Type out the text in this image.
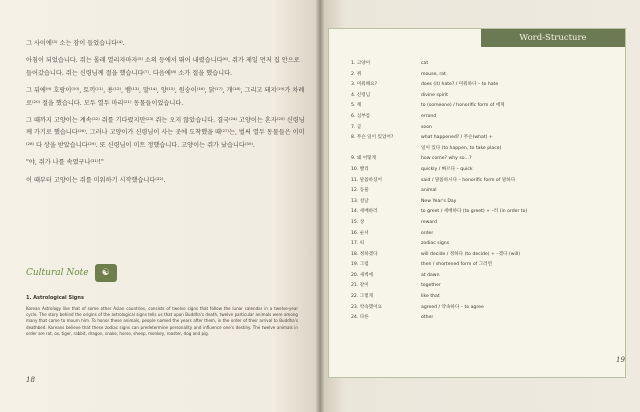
그 사이에⁽³⁾ 소는 잠이 들었습니다⁽⁴⁾.

아침이 되었습니다. 쥐는 몰래 열리자마자⁽⁵⁾ 소의 등에서 뛰어 내렸습니다⁽⁶⁾. 쥐가 제일 먼저 집 안으로 들어갔습니다. 쥐는 신령님께 절을 했습니다⁽⁷⁾. 다음에⁽⁸⁾ 소가 절을 했습니다.

그 뒤에⁽⁹⁾ 호랑이⁽¹⁰⁾, 토끼⁽¹¹⁾, 용⁽¹²⁾, 뱀⁽¹³⁾, 말⁽¹⁴⁾, 양⁽¹⁵⁾, 원숭이⁽¹⁶⁾, 닭⁽¹⁷⁾, 개⁽¹⁸⁾, 그리고 돼지⁽¹⁹⁾가 차례로⁽²⁰⁾ 절을 했습니다. 모두 열두 마리⁽²¹⁾ 동물들이었습니다.

그 때까지 고양이는 계속⁽²²⁾ 쥐를 기다렸지만⁽²³⁾ 쥐는 오지 않았습니다. 결국⁽²⁴⁾ 고양이는 혼자⁽²⁵⁾ 신령님께 가기로 했습니다⁽²⁶⁾. 그러나 고양이가 신령님이 사는 곳에 도착했을 때⁽²⁷⁾는, 벌써 열두 동물들은 이미⁽²⁸⁾ 다 상을 받았습니다⁽²⁹⁾. 또 신령님이 미트 정했습니다. 고양이는 쥐가 났습니다⁽³⁰⁾.

"야, 쥐가 나를 속였구나⁽³¹⁾!"

이 때부터 고양이는 쥐를 미워하기 시작했습니다⁽³²⁾.

Cultural Note	☯
1. Astrological Signs
Korean Astrology like that of some other Asian countries, consists of twelve signs that follow the lunar calendar in a twelve-year cycle. The story behind the origins of the astrological signs tells us that upon Buddha's death, twelve particular animals were among many that came to mourn him. To honor these animals, people named the years after them, in the order of their arrival to Buddha's deathbed. Koreans believe that these zodiac signs can predetermine personality and influence one's destiny. The twelve animals in order are rat, ox, tiger, rabbit, dragon, snake, horse, sheep, monkey, rooster, dog and pig.
18
Word-Structure
1. 고양이	cat
2. 쥐	mouse, rat
3. 미워해요?	does (it) hate? / 미워하다 – to hate
4. 신령님	divine spirit
5. 께	to (someone) / honorific form of 에게
6. 심부름	errand
7. 곧	soon
8. 무슨 일이 있었어?	what happened? / 무슨(what) +
일이 있다 (to happen, to take place)
9. 왜 어떻게	how come? why so…?
10. 빨리	quickly / 빠르다 – quick
11. 말씀하셨어	said / 말씀하시다 – honorific form of 말하다
12. 동물	animal
13. 설날	New Year's Day
14. 세배하러	to greet / 세배하다 (to greet) + –러 (in order to)
15. 상	reward
16. 순서	order
17. 띠	zodiac signs
18. 정하겠다	will decide / 정하다 (to decide) + –겠다 (will)
19. 그럼	then / shortened form of 그러면
20. 새벽에	at dawn
21. 같이	together
22. 그렇게	like that
23. 약속했어요	agreed / 약속하다 – to agree
24. 다른	other
19
